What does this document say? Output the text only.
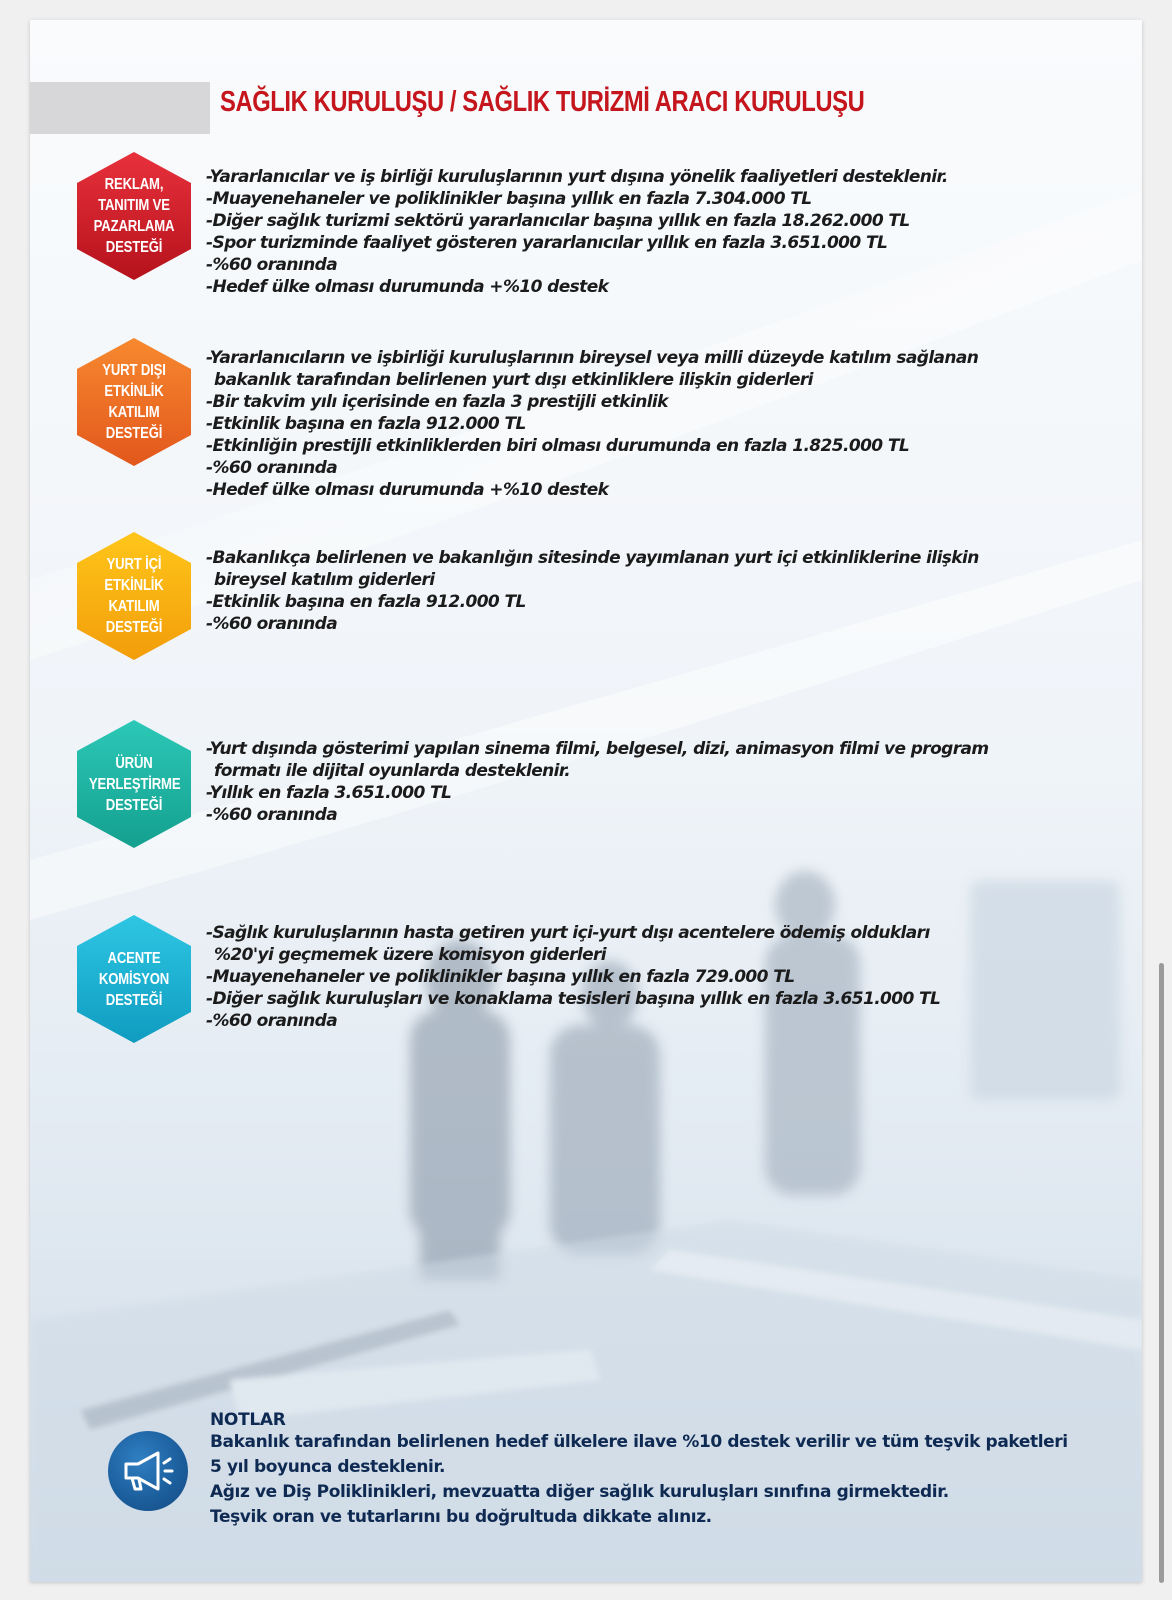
SAĞLIK KURULUŞU / SAĞLIK TURİZMİ ARACI KURULUŞU

REKLAM,
TANITIM VE
PAZARLAMA
DESTEĞİ

-Yararlanıcılar ve iş birliği kuruluşlarının yurt dışına yönelik faaliyetleri desteklenir.
-Muayenehaneler ve poliklinikler başına yıllık en fazla 7.304.000 TL
-Diğer sağlık turizmi sektörü yararlanıcılar başına yıllık en fazla 18.262.000 TL
-Spor turizminde faaliyet gösteren yararlanıcılar yıllık en fazla 3.651.000 TL
-%60 oranında
-Hedef ülke olması durumunda +%10 destek

YURT DIŞI
ETKİNLİK
KATILIM DESTEĞİ

-Yararlanıcıların ve işbirliği kuruluşlarının bireysel veya milli düzeyde katılım sağlanan
bakanlık tarafından belirlenen yurt dışı etkinliklere ilişkin giderleri
-Bir takvim yılı içerisinde en fazla 3 prestijli etkinlik
-Etkinlik başına en fazla 912.000 TL
-Etkinliğin prestijli etkinliklerden biri olması durumunda en fazla 1.825.000 TL
-%60 oranında
-Hedef ülke olması durumunda +%10 destek

YURT İÇİ
ETKİNLİK
KATILIM DESTEĞİ

-Bakanlıkça belirlenen ve bakanlığın sitesinde yayımlanan yurt içi etkinliklerine ilişkin
bireysel katılım giderleri
-Etkinlik başına en fazla 912.000 TL
-%60 oranında

ÜRÜN
YERLEŞTİRME
DESTEĞİ

-Yurt dışında gösterimi yapılan sinema filmi, belgesel, dizi, animasyon filmi ve program
formatı ile dijital oyunlarda desteklenir.
-Yıllık en fazla 3.651.000 TL
-%60 oranında

ACENTE
KOMİSYON
DESTEĞİ

-Sağlık kuruluşlarının hasta getiren yurt içi-yurt dışı acentelere ödemiş oldukları
%20'yi geçmemek üzere komisyon giderleri
-Muayenehaneler ve poliklinikler başına yıllık en fazla 729.000 TL
-Diğer sağlık kuruluşları ve konaklama tesisleri başına yıllık en fazla 3.651.000 TL
-%60 oranında
NOTLAR

Bakanlık tarafından belirlenen hedef ülkelere ilave %10 destek verilir ve tüm teşvik paketleri

5 yıl boyunca desteklenir.

Ağız ve Diş Poliklinikleri, mevzuatta diğer sağlık kuruluşları sınıfına girmektedir.

Teşvik oran ve tutarlarını bu doğrultuda dikkate alınız.
